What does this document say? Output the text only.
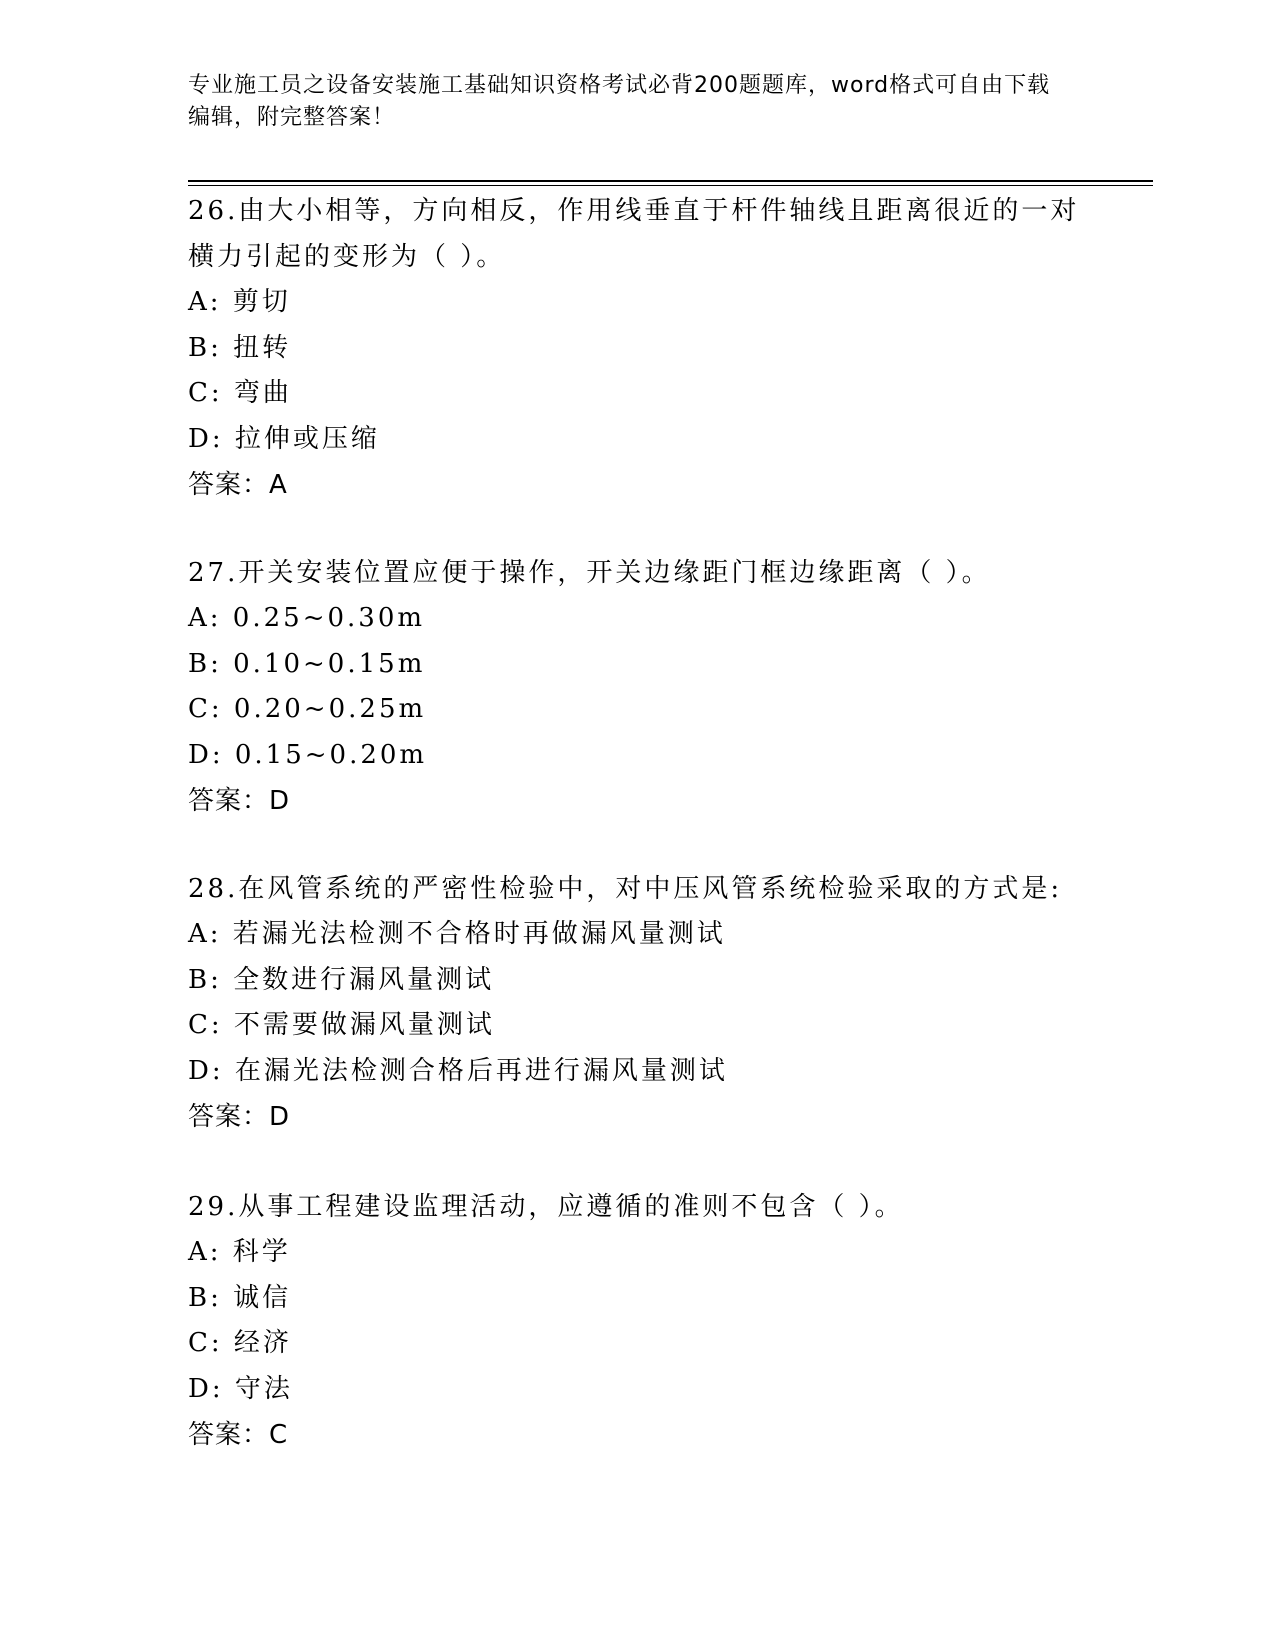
专业施工员之设备安装施工基础知识资格考试必背200题题库，word格式可自由下载编辑，附完整答案！
26.由大小相等，方向相反，作用线垂直于杆件轴线且距离很近的一对横力引起的变形为（ ）。
A: 剪切
B: 扭转
C: 弯曲
D: 拉伸或压缩
答案：A
27.开关安装位置应便于操作，开关边缘距门框边缘距离（ ）。
A: 0.25~0.30m
B: 0.10~0.15m
C: 0.20~0.25m
D: 0.15~0.20m
答案：D
28.在风管系统的严密性检验中，对中压风管系统检验采取的方式是:
A: 若漏光法检测不合格时再做漏风量测试
B: 全数进行漏风量测试
C: 不需要做漏风量测试
D: 在漏光法检测合格后再进行漏风量测试
答案：D
29.从事工程建设监理活动，应遵循的准则不包含（ ）。
A: 科学
B: 诚信
C: 经济
D: 守法
答案：C
